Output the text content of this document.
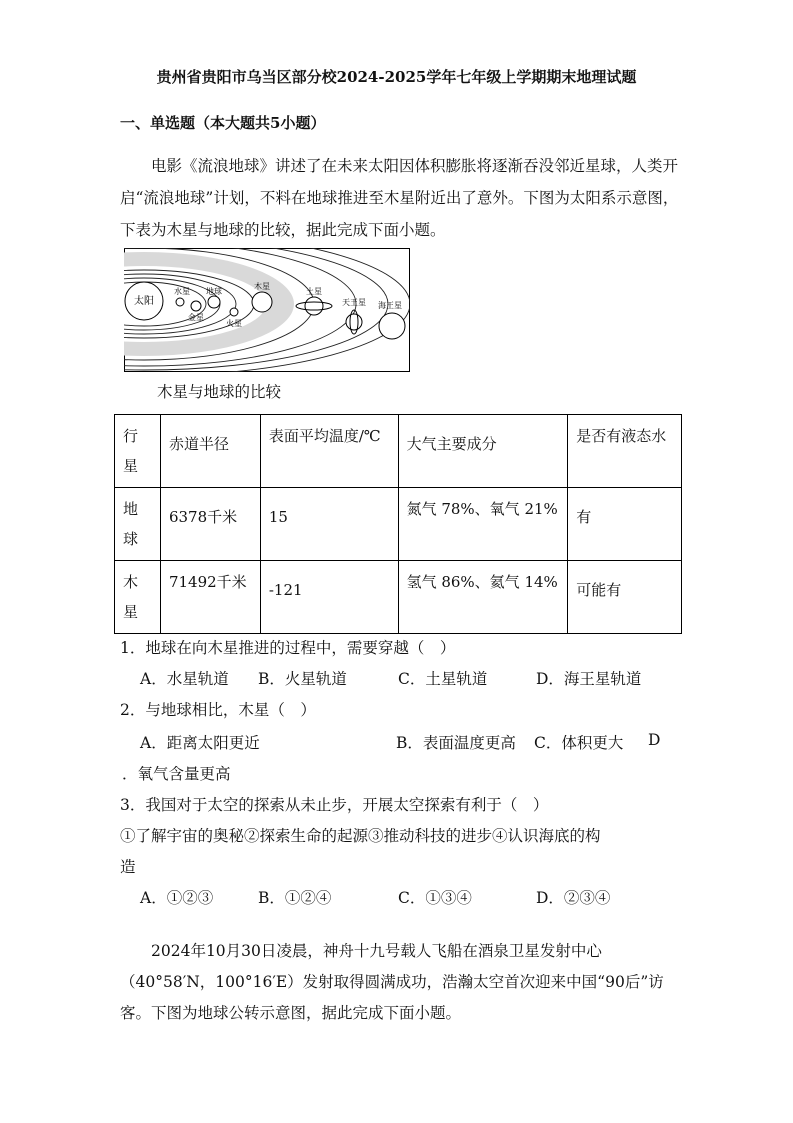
贵州省贵阳市乌当区部分校2024-2025学年七年级上学期期末地理试题
一、单选题（本大题共5小题）
电影《流浪地球》讲述了在未来太阳因体积膨胀将逐渐吞没邻近星球，人类开启“流浪地球”计划，不料在地球推进至木星附近出了意外。下图为太阳系示意图，下表为木星与地球的比较，据此完成下面小题。
太阳
水星
金星
地球
火星
木星
土星
天王星 海王星
木星与地球的比较
行星	赤道半径	表面平均温度/℃	大气主要成分	是否有液态水
地球	6378千米	15	氮气 78%、氧气 21%	有
木星	71492千米	-121	氢气 86%、氦气 14%	可能有
1．地球在向木星推进的过程中，需要穿越（　）
A．水星轨道 B．火星轨道	C．土星轨道	D．海王星轨道
2．与地球相比，木星（　）
A．距离太阳更近	B．表面温度更高 C．体积更大 D
．氧气含量更高
3．我国对于太空的探索从未止步，开展太空探索有利于（　）
①了解宇宙的奥秘②探索生命的起源③推动科技的进步④认识海底的构
造
A．①②③	B．①②④	C．①③④	D．②③④
2024年10月30日凌晨，神舟十九号载人飞船在酒泉卫星发射中心（40°58′N，100°16′E）发射取得圆满成功，浩瀚太空首次迎来中国“90后”访客。下图为地球公转示意图，据此完成下面小题。
